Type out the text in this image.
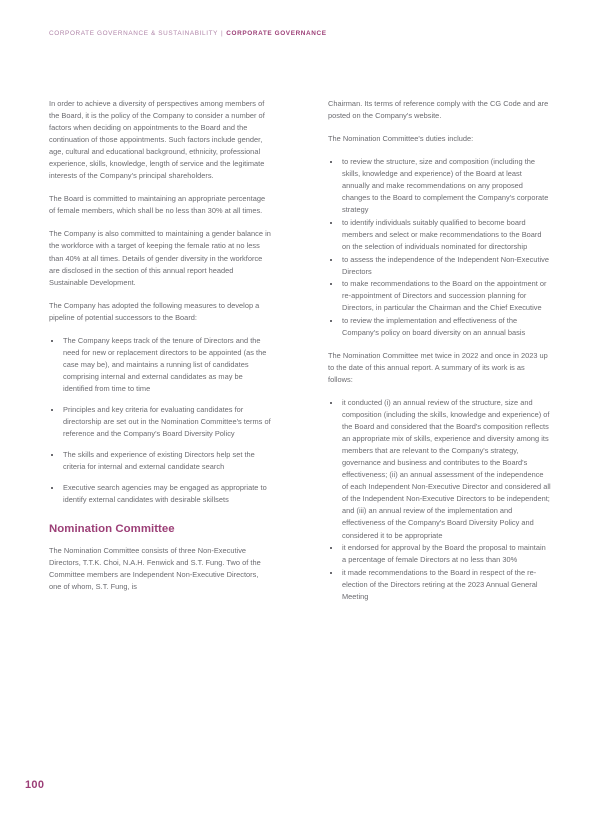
CORPORATE GOVERNANCE & SUSTAINABILITY | CORPORATE GOVERNANCE

In order to achieve a diversity of perspectives among members of the Board, it is the policy of the Company to consider a number of factors when deciding on appointments to the Board and the continuation of those appointments. Such factors include gender, age, cultural and educational background, ethnicity, professional experience, skills, knowledge, length of service and the legitimate interests of the Company's principal shareholders.

The Board is committed to maintaining an appropriate percentage of female members, which shall be no less than 30% at all times.

The Company is also committed to maintaining a gender balance in the workforce with a target of keeping the female ratio at no less than 40% at all times. Details of gender diversity in the workforce are disclosed in the section of this annual report headed Sustainable Development.

The Company has adopted the following measures to develop a pipeline of potential successors to the Board:

The Company keeps track of the tenure of Directors and the need for new or replacement directors to be appointed (as the case may be), and maintains a running list of candidates comprising internal and external candidates as may be identified from time to time
Principles and key criteria for evaluating candidates for directorship are set out in the Nomination Committee's terms of reference and the Company's Board Diversity Policy
The skills and experience of existing Directors help set the criteria for internal and external candidate search
Executive search agencies may be engaged as appropriate to identify external candidates with desirable skillsets
Nomination Committee

The Nomination Committee consists of three Non-Executive Directors, T.T.K. Choi, N.A.H. Fenwick and S.T. Fung. Two of the Committee members are Independent Non-Executive Directors, one of whom, S.T. Fung, is

Chairman. Its terms of reference comply with the CG Code and are posted on the Company's website.

The Nomination Committee's duties include:

to review the structure, size and composition (including the skills, knowledge and experience) of the Board at least annually and make recommendations on any proposed changes to the Board to complement the Company's corporate strategy
to identify individuals suitably qualified to become board members and select or make recommendations to the Board on the selection of individuals nominated for directorship
to assess the independence of the Independent Non-Executive Directors
to make recommendations to the Board on the appointment or re-appointment of Directors and succession planning for Directors, in particular the Chairman and the Chief Executive
to review the implementation and effectiveness of the Company's policy on board diversity on an annual basis

The Nomination Committee met twice in 2022 and once in 2023 up to the date of this annual report. A summary of its work is as follows:

it conducted (i) an annual review of the structure, size and composition (including the skills, knowledge and experience) of the Board and considered that the Board's composition reflects an appropriate mix of skills, experience and diversity among its members that are relevant to the Company's strategy, governance and business and contributes to the Board's effectiveness; (ii) an annual assessment of the independence of each Independent Non-Executive Director and considered all of the Independent Non-Executive Directors to be independent; and (iii) an annual review of the implementation and effectiveness of the Company's Board Diversity Policy and considered it to be appropriate
it endorsed for approval by the Board the proposal to maintain a percentage of female Directors at no less than 30%
it made recommendations to the Board in respect of the re-election of the Directors retiring at the 2023 Annual General Meeting
100
